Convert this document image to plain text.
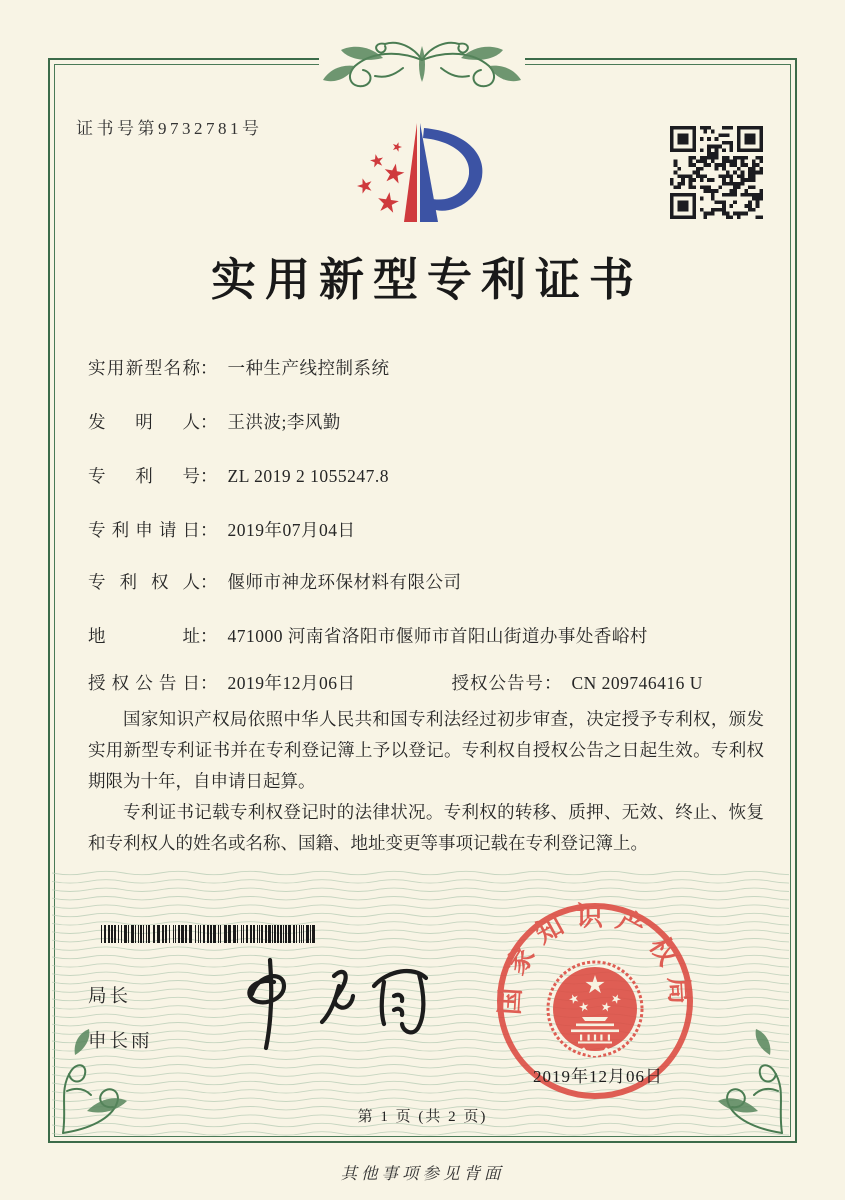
证书号第9732781号
实用新型专利证书
实用新型名称： 一种生产线控制系统
发明人： 王洪波;李风勤
专利号： ZL 2019 2 1055247.8
专利申请日： 2019年07月04日
专利权人： 偃师市神龙环保材料有限公司
地址： 471000 河南省洛阳市偃师市首阳山街道办事处香峪村
授权公告日： 2019年12月06日	授权公告号： CN 209746416 U

国家知识产权局依照中华人民共和国专利法经过初步审查，决定授予专利权，颁发实用新型专利证书并在专利登记簿上予以登记。专利权自授权公告之日起生效。专利权期限为十年，自申请日起算。

专利证书记载专利权登记时的法律状况。专利权的转移、质押、无效、终止、恢复和专利权人的姓名或名称、国籍、地址变更等事项记载在专利登记簿上。

局长
申长雨
国家知识产权局
2019年12月06日
第 1 页 (共 2 页)
其他事项参见背面
